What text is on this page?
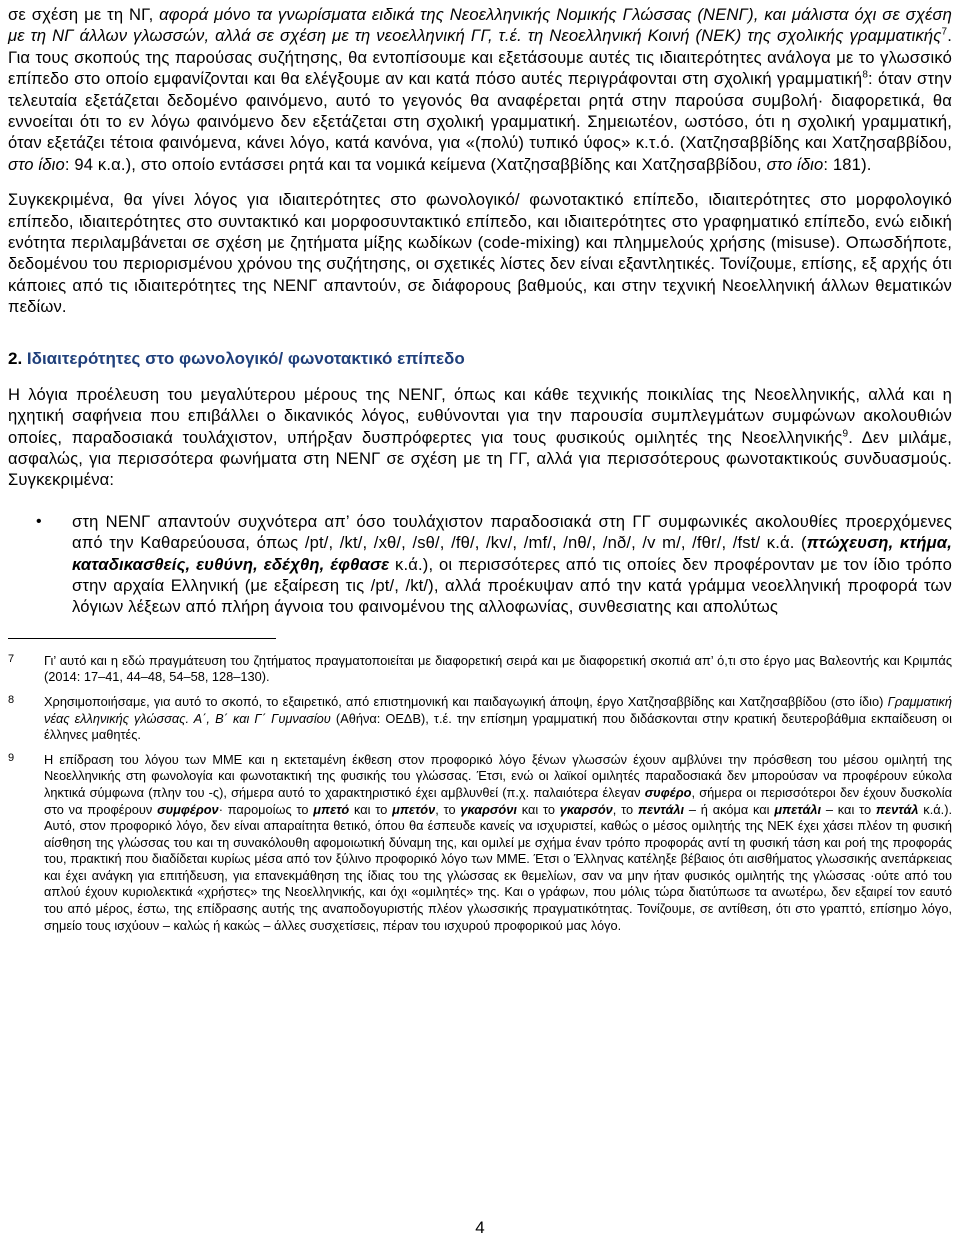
σε σχέση με τη ΝΓ, αφορά μόνο τα γνωρίσματα ειδικά της Νεοελληνικής Νομικής Γλώσσας (ΝΕΝΓ), και μάλιστα όχι σε σχέση με τη ΝΓ άλλων γλωσσών, αλλά σε σχέση με τη νεοελληνική ΓΓ, τ.έ. τη Νεοελληνική Κοινή (ΝΕΚ) της σχολικής γραμματικής$^7$. Για τους σκοπούς της παρούσας συζήτησης, θα εντοπίσουμε και εξετάσουμε αυτές τις ιδιαιτερότητες ανάλογα με το γλωσσικό επίπεδο στο οποίο εμφανίζονται και θα ελέγξουμε αν και κατά πόσο αυτές περιγράφονται στη σχολική γραμματική$^8$: όταν στην τελευταία εξετάζεται δεδομένο φαινόμενο, αυτό το γεγονός θα αναφέρεται ρητά στην παρούσα συμβολή· διαφορετικά, θα εννοείται ότι το εν λόγω φαινόμενο δεν εξετάζεται στη σχολική γραμματική. Σημειωτέον, ωστόσο, ότι η σχολική γραμματική, όταν εξετάζει τέτοια φαινόμενα, κάνει λόγο, κατά κανόνα, για «(πολύ) τυπικό ύφος» κ.τ.ό. (Χατζησαββίδης και Χατζησαββίδου, στο ίδιο: 94 κ.α.), στο οποίο εντάσσει ρητά και τα νομικά κείμενα (Χατζησαββίδης και Χατζησαββίδου, στο ίδιο: 181).

Συγκεκριμένα, θα γίνει λόγος για ιδιαιτερότητες στο φωνολογικό/ φωνοτακτικό επίπεδο, ιδιαιτερότητες στο μορφολογικό επίπεδο, ιδιαιτερότητες στο συντακτικό και μορφοσυντακτικό επίπεδο, και ιδιαιτερότητες στο γραφηματικό επίπεδο, ενώ ειδική ενότητα περιλαμβάνεται σε σχέση με ζητήματα μίξης κωδίκων (code-mixing) και πλημμελούς χρήσης (misuse). Οπωσδήποτε, δεδομένου του περιορισμένου χρόνου της συζήτησης, οι σχετικές λίστες δεν είναι εξαντλητικές. Τονίζουμε, επίσης, εξ αρχής ότι κάποιες από τις ιδιαιτερότητες της ΝΕΝΓ απαντούν, σε διάφορους βαθμούς, και στην τεχνική Νεοελληνική άλλων θεματικών πεδίων.

2. Ιδιαιτερότητες στο φωνολογικό/ φωνοτακτικό επίπεδο

Η λόγια προέλευση του μεγαλύτερου μέρους της ΝΕΝΓ, όπως και κάθε τεχνικής ποικιλίας της Νεοελληνικής, αλλά και η ηχητική σαφήνεια που επιβάλλει ο δικανικός λόγος, ευθύνονται για την παρουσία συμπλεγμάτων συμφώνων ακολουθιών οποίες, παραδοσιακά τουλάχιστον, υπήρξαν δυσπρόφερτες για τους φυσικούς ομιλητές της Νεοελληνικής$^9$. Δεν μιλάμε, ασφαλώς, για περισσότερα φωνήματα στη ΝΕΝΓ σε σχέση με τη ΓΓ, αλλά για περισσότερους φωνοτακτικούς συνδυασμούς. Συγκεκριμένα:

•	στη ΝΕΝΓ απαντούν συχνότερα απ’ όσο τουλάχιστον παραδοσιακά στη ΓΓ συμφωνικές ακολουθίες προερχόμενες από την Καθαρεύουσα, όπως /pt/, /kt/, /xθ/, /sθ/, /fθ/, /kv/, /mf/, /nθ/, /nð/, /v m/, /fθr/, /fst/ κ.ά. (πτώχευση, κτήμα, καταδικασθείς, ευθύνη, εδέχθη, έφθασε κ.ά.), οι περισσότερες από τις οποίες δεν προφέρονταν με τον ίδιο τρόπο στην αρχαία Ελληνική (με εξαίρεση τις /pt/, /kt/), αλλά προέκυψαν από την κατά γράμμα νεοελληνική προφορά των λόγιων λέξεων από πλήρη άγνοια του φαινομένου της αλλοφωνίας, συνθεσιατης και απολύτως

7	Γι’ αυτό και η εδώ πραγμάτευση του ζητήματος πραγματοποιείται με διαφορετική σειρά και με διαφορετική σκοπιά απ’ ό,τι στο έργο μας Βαλεοντής και Κριμπάς (2014: 17–41, 44–48, 54–58, 128–130).
8	Χρησιμοποιήσαμε, για αυτό το σκοπό, το εξαιρετικό, από επιστημονική και παιδαγωγική άποψη, έργο Χατζησαββίδης και Χατζησαββίδου (στο ίδιο) Γραμματική νέας ελληνικής γλώσσας. Α΄, Β΄ και Γ΄ Γυμνασίου (Αθήνα: ΟΕΔΒ), τ.έ. την επίσημη γραμματική που διδάσκονται στην κρατική δευτεροβάθμια εκπαίδευση οι έλληνες μαθητές.
9	Η επίδραση του λόγου των ΜΜΕ και η εκτεταμένη έκθεση στον προφορικό λόγο ξένων γλωσσών έχουν αμβλύνει την πρόσθεση του μέσου ομιλητή της Νεοελληνικής στη φωνολογία και φωνοτακτική της φυσικής του γλώσσας. Έτσι, ενώ οι λαϊκοί ομιλητές παραδοσιακά δεν μπορούσαν να προφέρουν εύκολα ληκτικά σύμφωνα (πλην του -ς), σήμερα αυτό το χαρακτηριστικό έχει αμβλυνθεί (π.χ. παλαιότερα έλεγαν συφέρο, σήμερα οι περισσότεροι δεν έχουν δυσκολία στο να προφέρουν συμφέρον· παρομοίως το μπετό και το μπετόν, το γκαρσόνι και το γκαρσόν, το πεντάλι – ή ακόμα και μπετάλι – και το πεντάλ κ.ά.). Αυτό, στον προφορικό λόγο, δεν είναι απαραίτητα θετικό, όπου θα έσπευδε κανείς να ισχυριστεί, καθώς ο μέσος ομιλητής της ΝΕΚ έχει χάσει πλέον τη φυσική αίσθηση της γλώσσας του και τη συνακόλουθη αφομοιωτική δύναμη της, και ομιλεί με σχήμα έναν τρόπο προφοράς αντί τη φυσική τάση και ροή της προφοράς του, πρακτική που διαδίδεται κυρίως μέσα από τον ξύλινο προφορικό λόγο των ΜΜΕ. Έτσι ο Έλληνας κατέληξε βέβαιος ότι αισθήματος γλωσσικής ανεπάρκειας και έχει ανάγκη για επιτήδευση, για επανεκμάθηση της ίδιας του της γλώσσας εκ θεμελίων, σαν να μην ήταν φυσικός ομιλητής της γλώσσας ·ούτε από του απλού έχουν κυριολεκτικά «χρήστες» της Νεοελληνικής, και όχι «ομιλητές» της. Και ο γράφων, που μόλις τώρα διατύπωσε τα ανωτέρω, δεν εξαιρεί τον εαυτό του από μέρος, έστω, της επίδρασης αυτής της αναποδογυριστής πλέον γλωσσικής πραγματικότητας. Τονίζουμε, σε αντίθεση, ότι στο γραπτό, επίσημο λόγο, σημείο τους ισχύουν – καλώς ή κακώς – άλλες συσχετίσεις, πέραν του ισχυρού προφορικού μας λόγο.
4
